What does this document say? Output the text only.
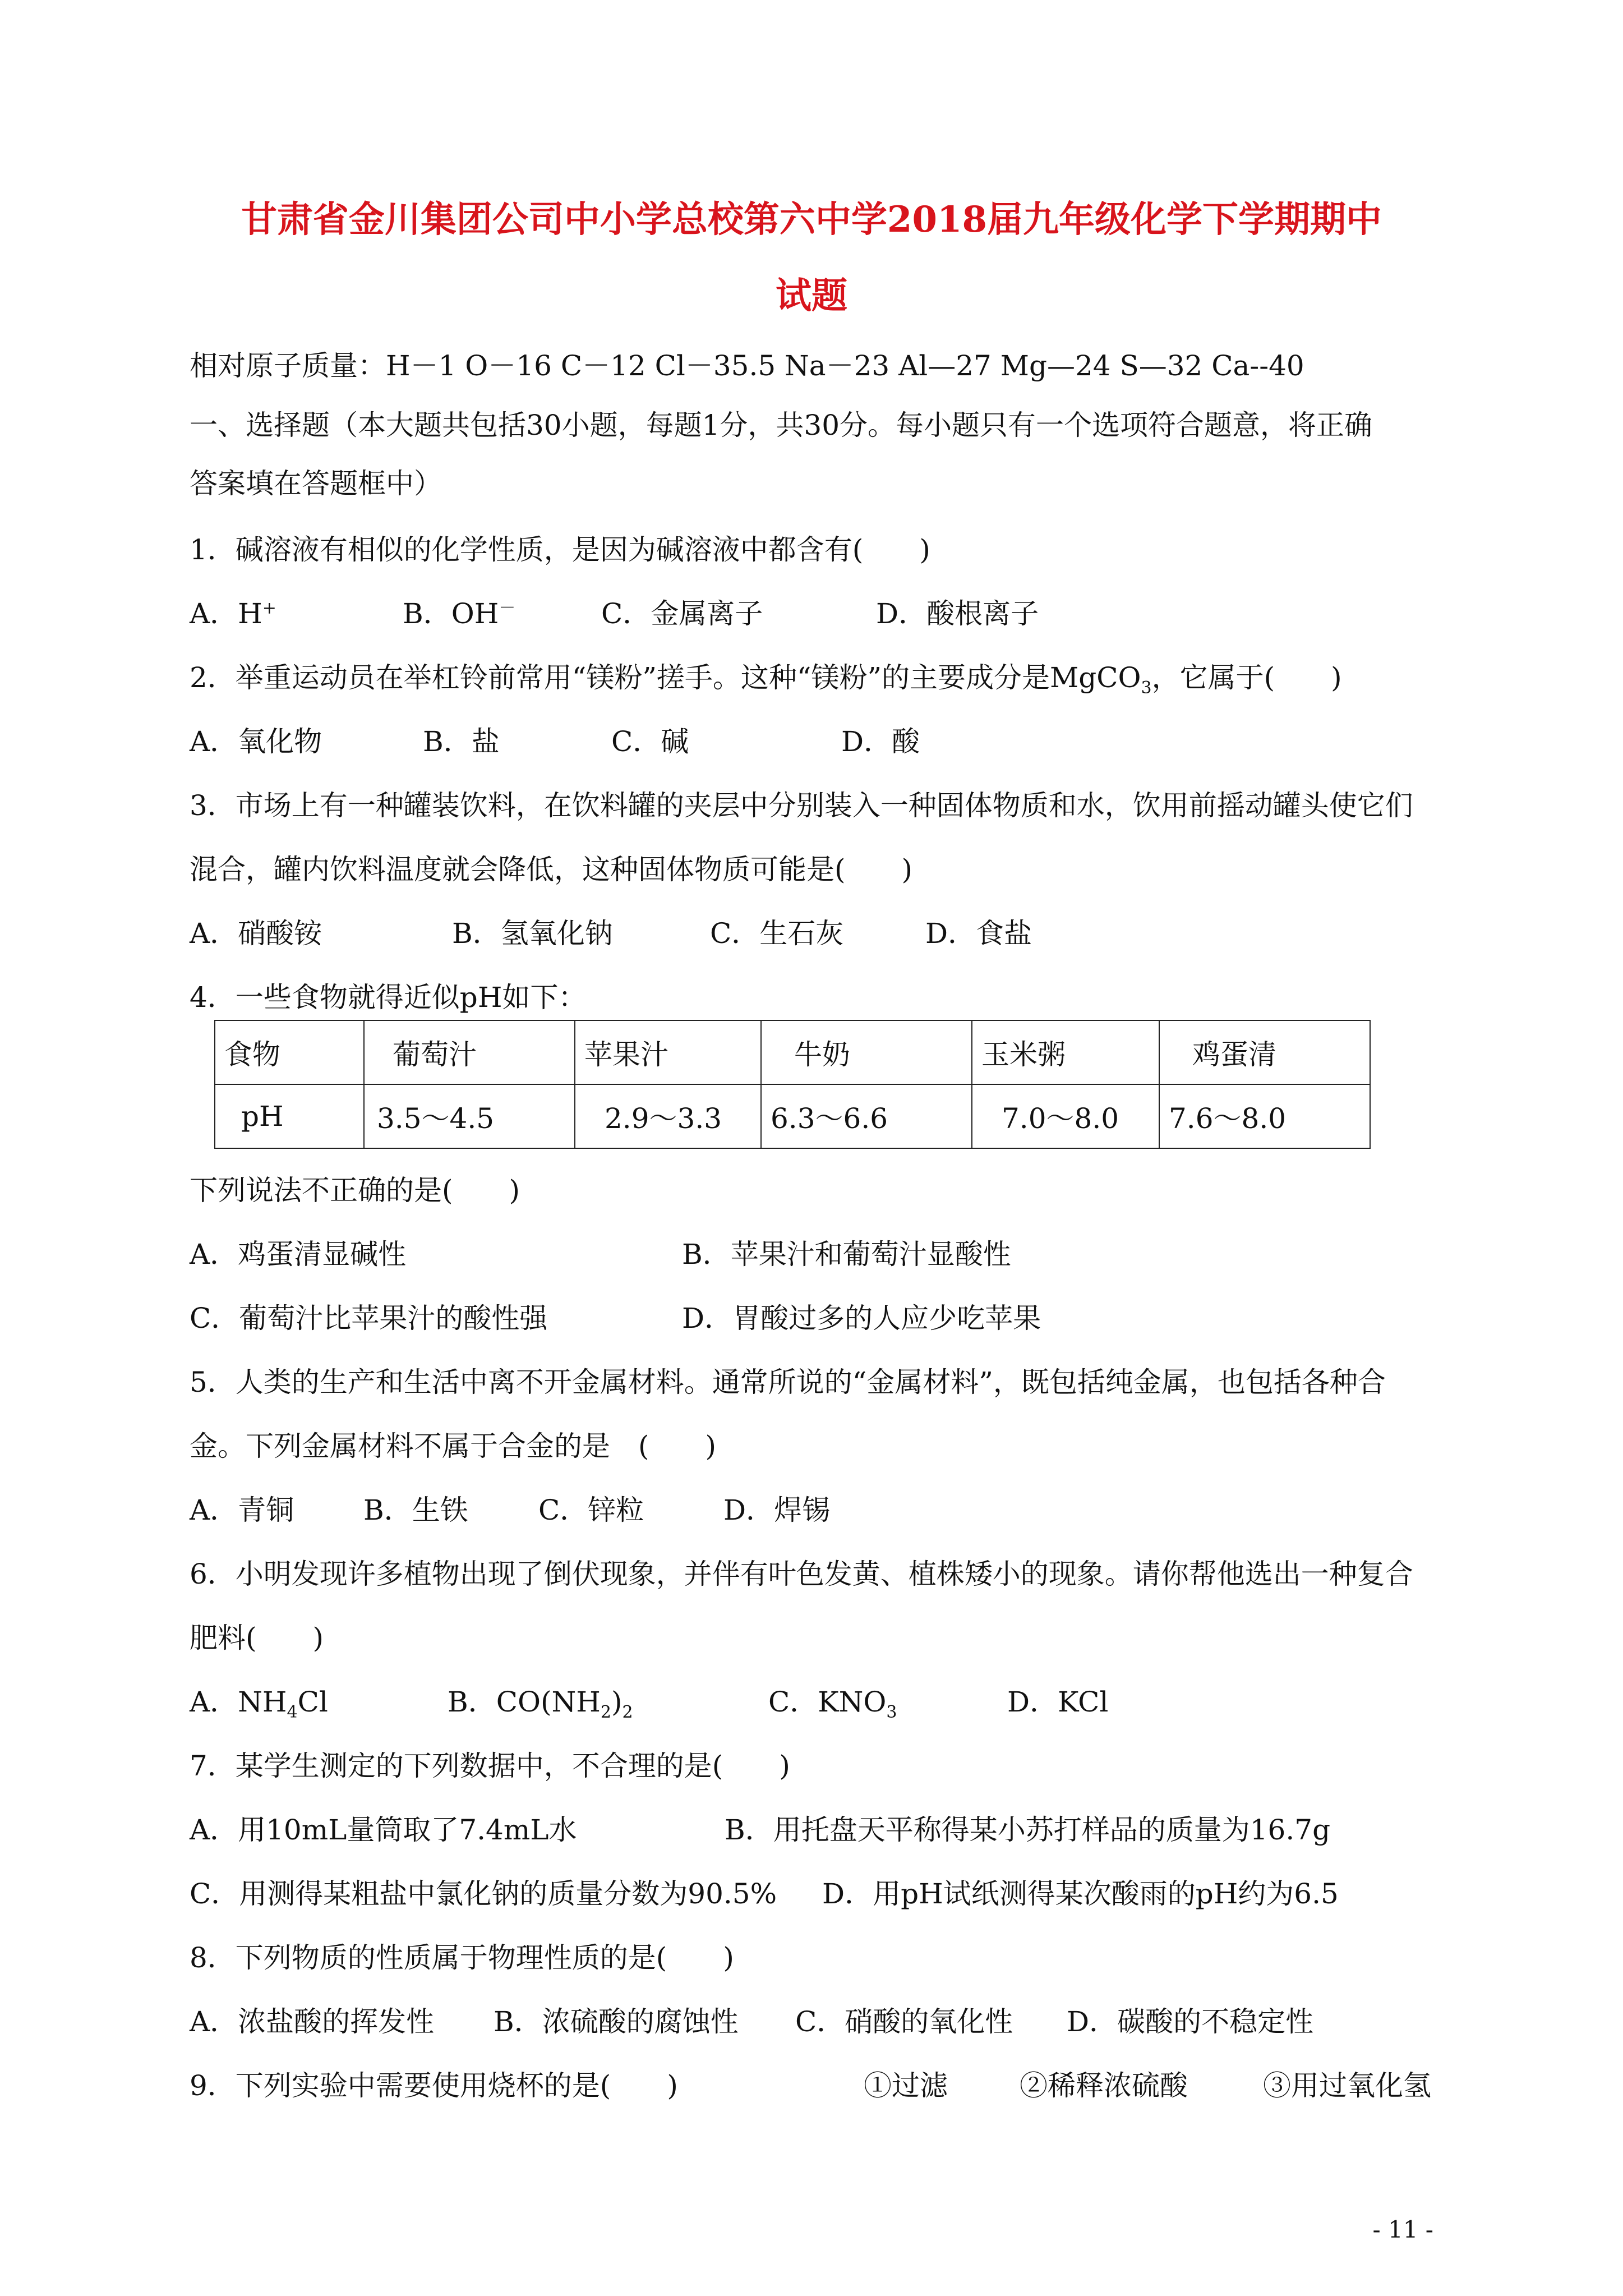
甘肃省金川集团公司中小学总校第六中学2018届九年级化学下学期期中
试题
相对原子质量：H－1 O－16 C－12 Cl－35.5 Na－23 Al—27 Mg—24 S—32 Ca--40
一、选择题（本大题共包括30小题，每题1分，共30分。每小题只有一个选项符合题意，将正确
答案填在答题框中）
1．碱溶液有相似的化学性质，是因为碱溶液中都含有(　　)
A．H+	B．OH－	C．金属离子	D．酸根离子
2．举重运动员在举杠铃前常用“镁粉”搓手。这种“镁粉”的主要成分是MgCO$_3$，它属于(　　)
A．氧化物	B．盐	C．碱	D．酸
3．市场上有一种罐装饮料，在饮料罐的夹层中分别装入一种固体物质和水，饮用前摇动罐头使它们
混合，罐内饮料温度就会降低，这种固体物质可能是(　　)
A．硝酸铵	B．氢氧化钠	C．生石灰	D．食盐
4．一些食物就得近似pH如下：
食物	葡萄汁	苹果汁	牛奶	玉米粥	鸡蛋清
pH	3.5～4.5	2.9～3.3	6.3～6.6	7.0～8.0	7.6～8.0
下列说法不正确的是(　　)
A．鸡蛋清显碱性	B．苹果汁和葡萄汁显酸性
C．葡萄汁比苹果汁的酸性强	D．胃酸过多的人应少吃苹果
5．人类的生产和生活中离不开金属材料。通常所说的“金属材料”，既包括纯金属，也包括各种合
金。下列金属材料不属于合金的是　(　　)
A．青铜 B．生铁	C．锌粒	D．焊锡
6．小明发现许多植物出现了倒伏现象，并伴有叶色发黄、植株矮小的现象。请你帮他选出一种复合
肥料(　　)
A．$NH_4Cl$	B．$CO(NH_2)_2$	C．$KNO_3$	D．KCl
7．某学生测定的下列数据中，不合理的是(　　)
A．用10mL量筒取了7.4mL水	B．用托盘天平称得某小苏打样品的质量为16.7g
C．用测得某粗盐中氯化钠的质量分数为90.5% D．用pH试纸测得某次酸雨的pH约为6.5
8．下列物质的性质属于物理性质的是(　　)
A．浓盐酸的挥发性 B．浓硫酸的腐蚀性 C．硝酸的氧化性 D．碳酸的不稳定性
9．下列实验中需要使用烧杯的是(　　)	①过滤	②稀释浓硫酸	③用过氧化氢
- 11 -
